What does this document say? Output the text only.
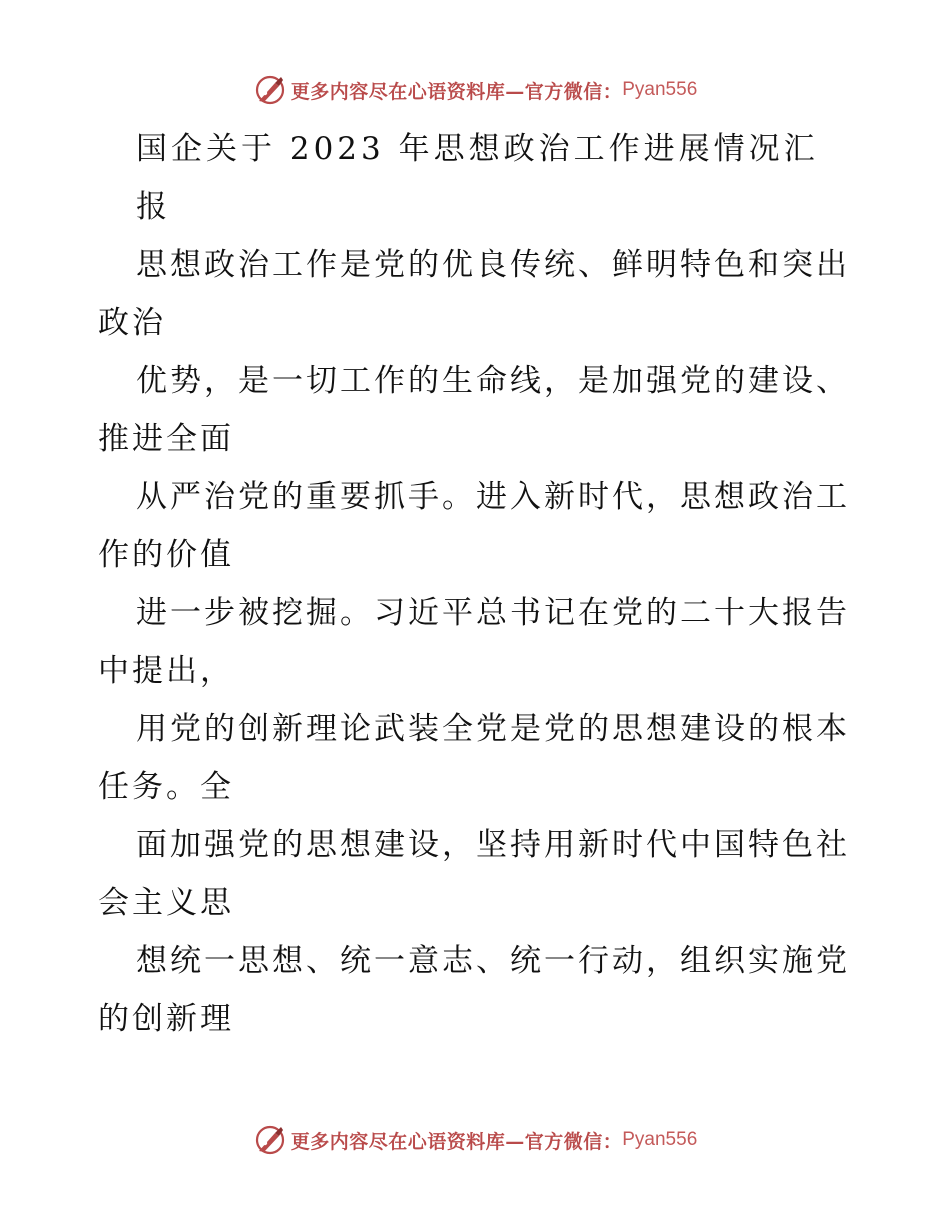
更多内容尽在心语资料库—官方微信： Pyan556
国企关于 2023 年思想政治工作进展情况汇
报

思想政治工作是党的优良传统、鲜明特色和突出
政治
优势，是一切工作的生命线，是加强党的建设、
推进全面
从严治党的重要抓手。进入新时代，思想政治工
作的价值
进一步被挖掘。习近平总书记在党的二十大报告
中提出，
用党的创新理论武装全党是党的思想建设的根本
任务。全
面加强党的思想建设，坚持用新时代中国特色社
会主义思
想统一思想、统一意志、统一行动，组织实施党
的创新理

更多内容尽在心语资料库—官方微信： Pyan556
